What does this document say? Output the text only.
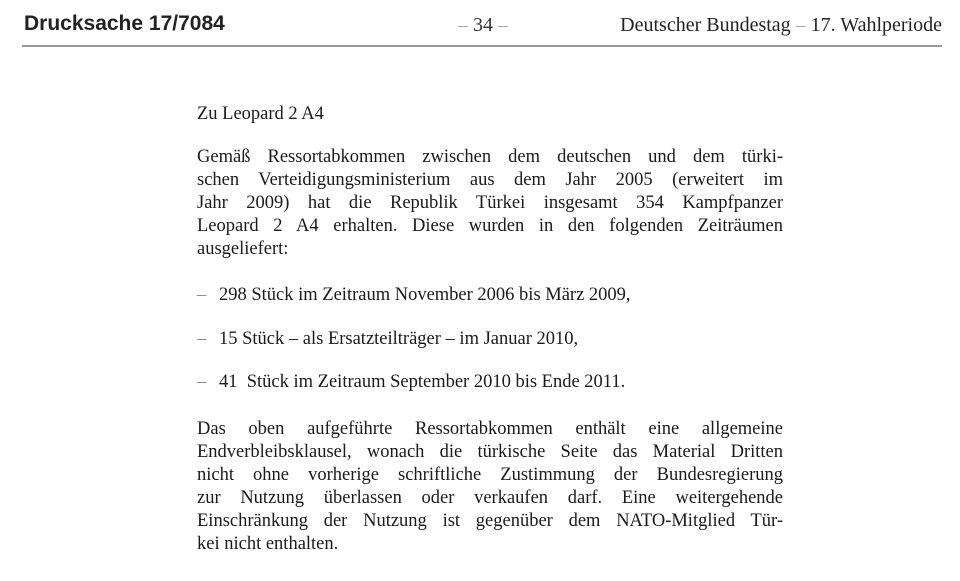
Drucksache 17/7084	– 34 –	Deutscher Bundestag – 17. Wahlperiode
Zu Leopard 2 A4
Gemäß Ressortabkommen zwischen dem deutschen und dem türki-
schen Verteidigungsministerium aus dem Jahr 2005 (erweitert im
Jahr 2009) hat die Republik Türkei insgesamt 354 Kampfpanzer
Leopard 2 A4 erhalten. Diese wurden in den folgenden Zeiträumen
ausgeliefert:
– 298 Stück im Zeitraum November 2006 bis März 2009,
– 15 Stück – als Ersatzteilträger – im Januar 2010,
– 41  Stück im Zeitraum September 2010 bis Ende 2011.
Das oben aufgeführte Ressortabkommen enthält eine allgemeine
Endverbleibsklausel, wonach die türkische Seite das Material Dritten
nicht ohne vorherige schriftliche Zustimmung der Bundesregierung
zur Nutzung überlassen oder verkaufen darf. Eine weitergehende
Einschränkung der Nutzung ist gegenüber dem NATO-Mitglied Tür-
kei nicht enthalten.
